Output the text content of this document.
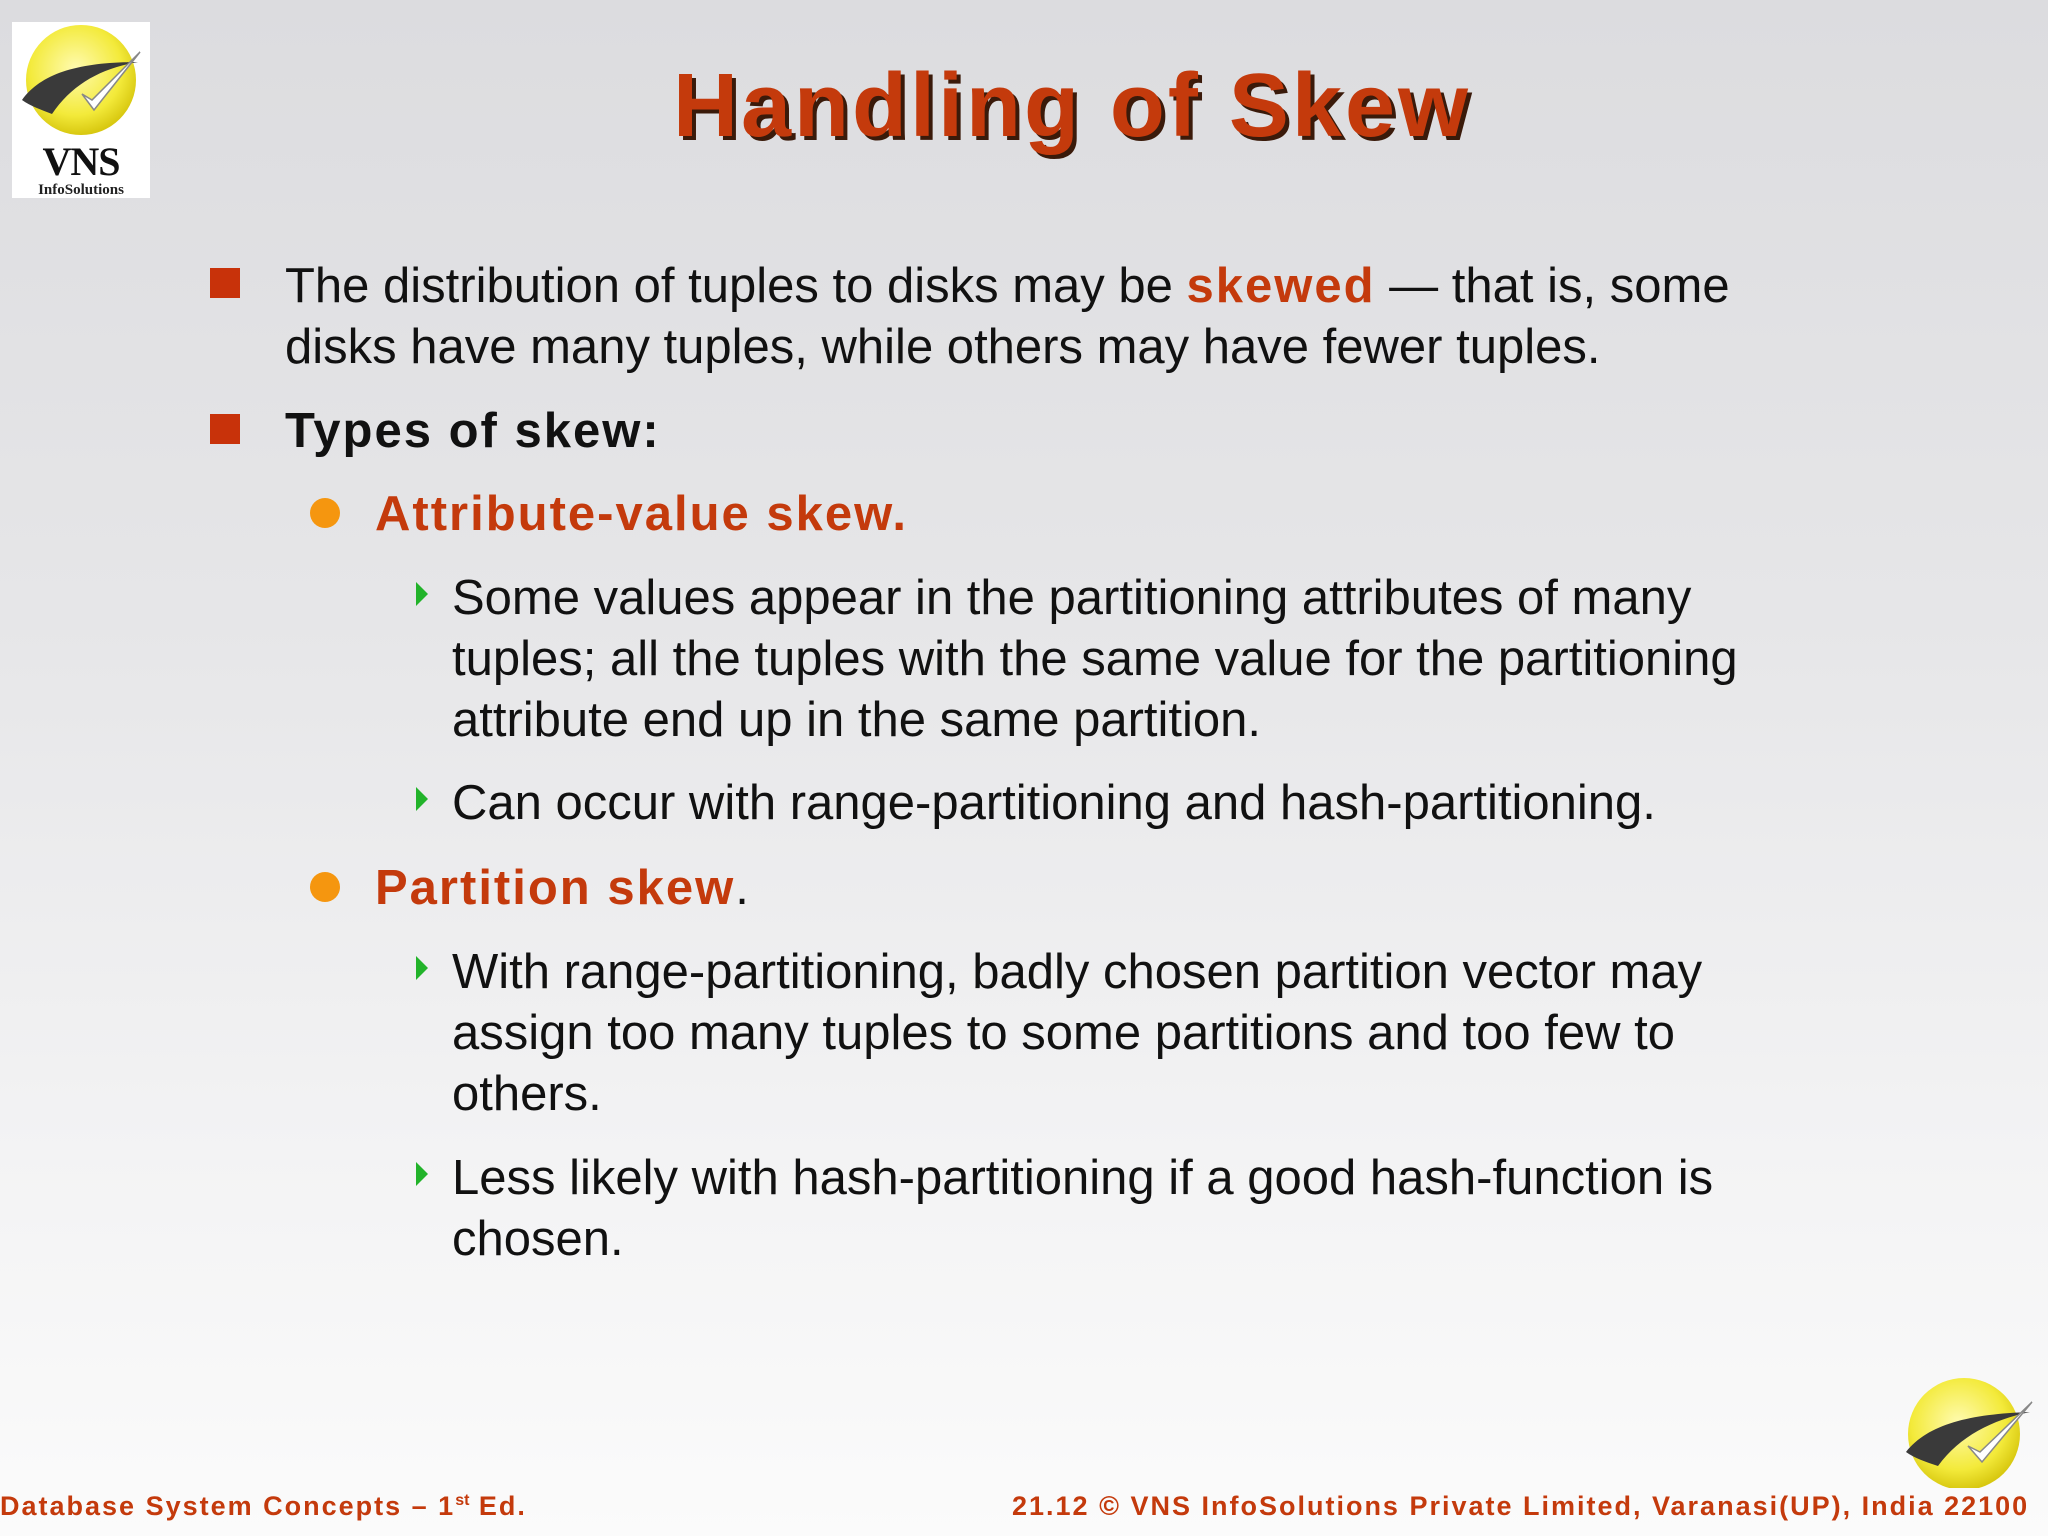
VNS
InfoSolutions
Handling of Skew
The distribution of tuples to disks may be skewed — that is, some
disks have many tuples, while others may have fewer tuples.
Types of skew:
Attribute-value skew.
Some values appear in the partitioning attributes of many
tuples; all the tuples with the same value for the partitioning
attribute end up in the same partition.
Can occur with range-partitioning and hash-partitioning.
Partition skew.
With range-partitioning, badly chosen partition vector may
assign too many tuples to some partitions and too few to
others.
Less likely with hash-partitioning if a good hash-function is
chosen.
Database System Concepts – 1st Ed.	21.12 © VNS InfoSolutions Private Limited, Varanasi(UP), India 22100
